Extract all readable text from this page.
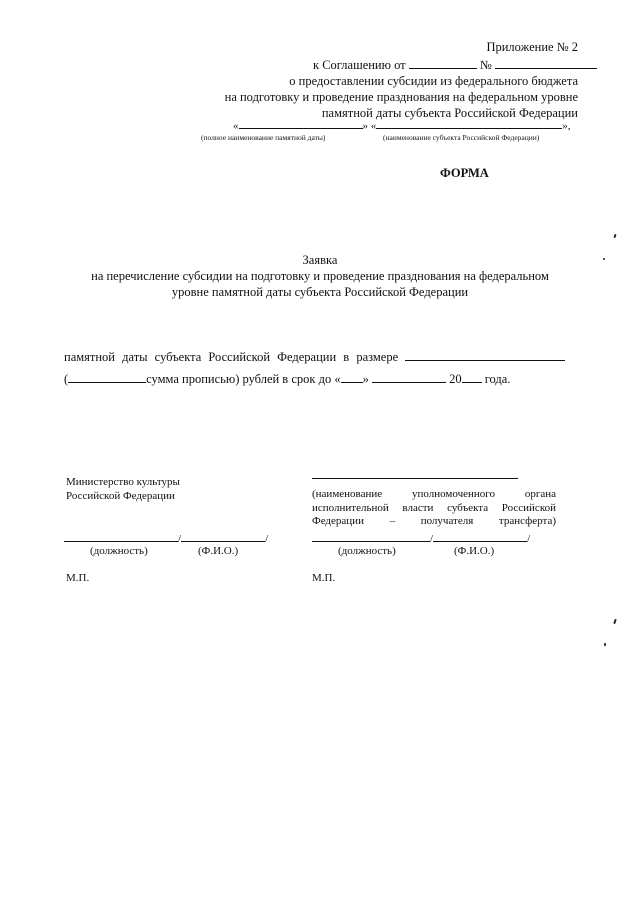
Приложение № 2
к Соглашению от	№
о предоставлении субсидии из федерального бюджета
на подготовку и проведение празднования на федеральном уровне
памятной даты субъекта Российской Федерации
«	» «	»,
(полное наименование памятной даты)	(наименование субъекта Российской Федерации)
ФОРМА
Заявка
на перечисление субсидии на подготовку и проведение празднования на федеральном
уровне памятной даты субъекта Российской Федерации
памятной даты субъекта Российской Федерации в размере
(	сумма прописью) рублей в срок до « »	20 года.
Министерство культуры
Российской Федерации
/	/
(должность)	(Ф.И.О.)
М.П.
(наименование уполномоченного органа исполнительной власти субъекта Российской Федерации – получателя трансферта)
/	/
(должность)	(Ф.И.О.)
М.П.
